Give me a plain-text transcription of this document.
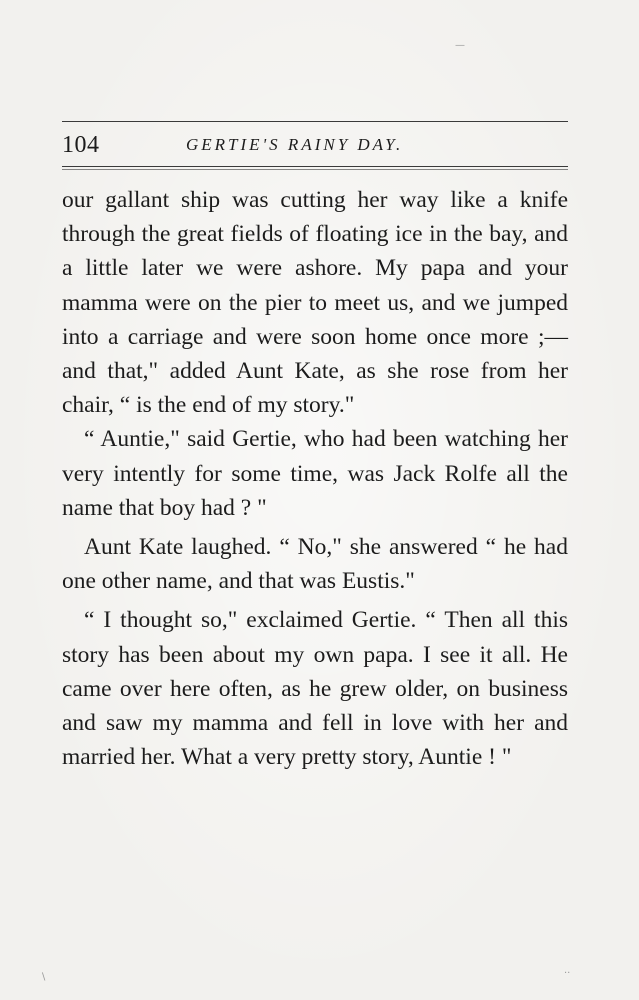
104	GERTIE'S RAINY DAY.

our gallant ship was cutting her way like a knife through the great fields of floating ice in the bay, and a little later we were ashore. My papa and your mamma were on the pier to meet us, and we jumped into a carriage and were soon home once more ;—and that," added Aunt Kate, as she rose from her chair, “ is the end of my story."

“ Auntie," said Gertie, who had been watching her very intently for some time, was Jack Rolfe all the name that boy had ? "

Aunt Kate laughed. “ No," she answered “ he had one other name, and that was Eustis."

“ I thought so," exclaimed Gertie. “ Then all this story has been about my own papa. I see it all. He came over here often, as he grew older, on business and saw my mamma and fell in love with her and married her. What a very pretty story, Auntie ! "

—
∖	··
